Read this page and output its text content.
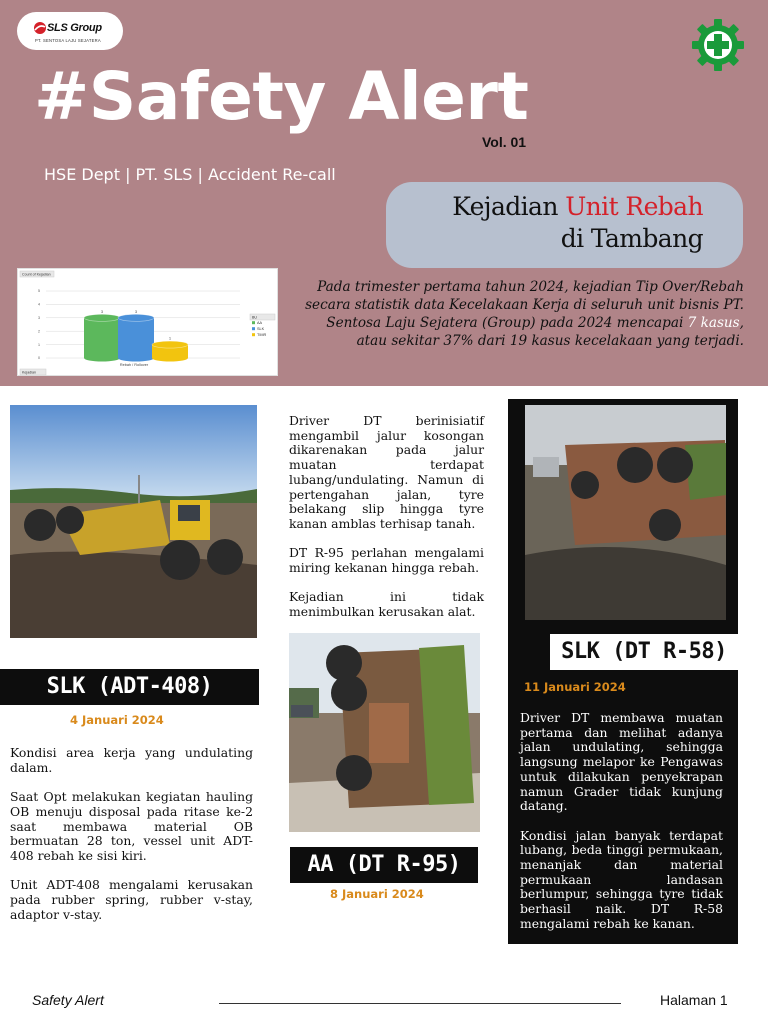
SLS Group
PT. SENTOSA LAJU SEJATERA
#Safety Alert
Vol. 01
HSE Dept | PT. SLS | Accident Re-call
Kejadian Unit Rebah
di Tambang
Pada trimester pertama tahun 2024, kejadian Tip Over/Rebah secara statistik data Kecelakaan Kerja di seluruh unit bisnis PT. Sentosa Laju Sejatera (Group) pada 2024 mencapai 7 kasus, atau sekitar 37% dari 19 kasus kecelakaan yang terjadi.
Count of Kejadian
0
1
2
3
4
5
3	3
1
Rebah / Rollover
BU
AA
SLK
TIMR
Kejadian
SLK (ADT-408)
4 Januari 2024

Kondisi area kerja yang undulating dalam.

Saat Opt melakukan kegiatan hauling OB menuju disposal pada ritase ke-2 saat membawa material OB bermuatan 28 ton, vessel unit ADT-408 rebah ke sisi kiri.

Unit ADT-408 mengalami kerusakan pada rubber spring, rubber v-stay, adaptor v-stay.

Driver DT berinisiatif mengambil jalur kosongan dikarenakan pada jalur muatan terdapat lubang/undulating. Namun di pertengahan jalan, tyre belakang slip hingga tyre kanan amblas terhisap tanah.

DT R-95 perlahan mengalami miring kekanan hingga rebah.

Kejadian ini tidak menimbulkan kerusakan alat.

AA (DT R-95)
8 Januari 2024

Driver DT membawa muatan pertama dan melihat adanya jalan undulating, sehingga langsung melapor ke Pengawas untuk dilakukan penyekrapan namun Grader tidak kunjung datang.

Kondisi jalan banyak terdapat lubang, beda tinggi permukaan, menanjak dan material permukaan landasan berlumpur, sehingga tyre tidak berhasil naik. DT R-58 mengalami rebah ke kanan.

SLK (DT R-58)
11 Januari 2024
Safety Alert	Halaman 1
